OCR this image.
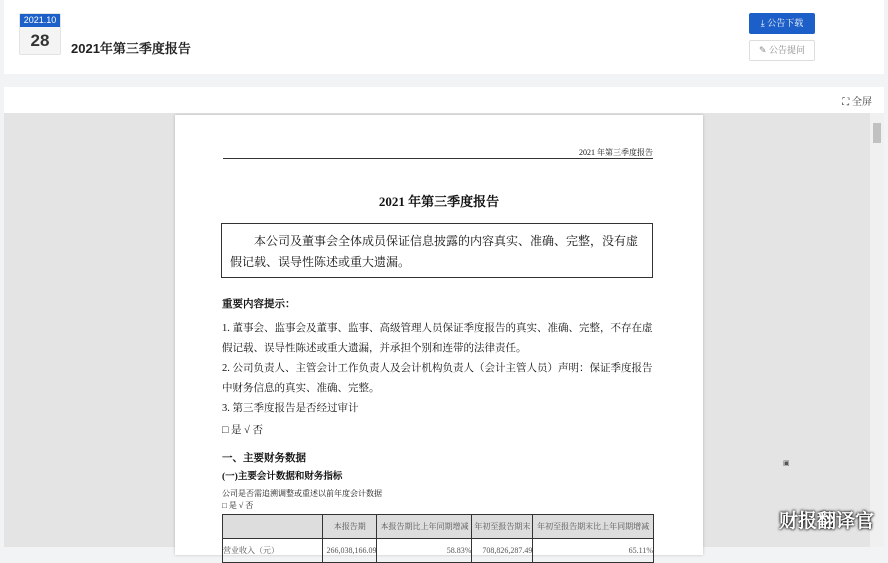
2021.10
28	2021年第三季度报告
⤓ 公告下载
✎ 公告提问
⛶ 全屏
2021 年第三季度报告
2021 年第三季度报告
本公司及董事会全体成员保证信息披露的内容真实、准确、完整，没有虚假记载、误导性陈述或重大遗漏。
重要内容提示：
1. 董事会、监事会及董事、监事、高级管理人员保证季度报告的真实、准确、完整，不存在虚假记载、误导性陈述或重大遗漏，并承担个别和连带的法律责任。
2. 公司负责人、主管会计工作负责人及会计机构负责人（会计主管人员）声明：保证季度报告中财务信息的真实、准确、完整。
3. 第三季度报告是否经过审计
□ 是 √ 否
一、主要财务数据
(一)主要会计数据和财务指标
公司是否需追溯调整或重述以前年度会计数据
□ 是 √ 否
	本报告期	本报告期比上年同期增减	年初至报告期末	年初至报告期末比上年同期增减
营业收入（元）	266,038,166.09	58.83%	708,826,287.49	65.11%
▣
财报翻译官
